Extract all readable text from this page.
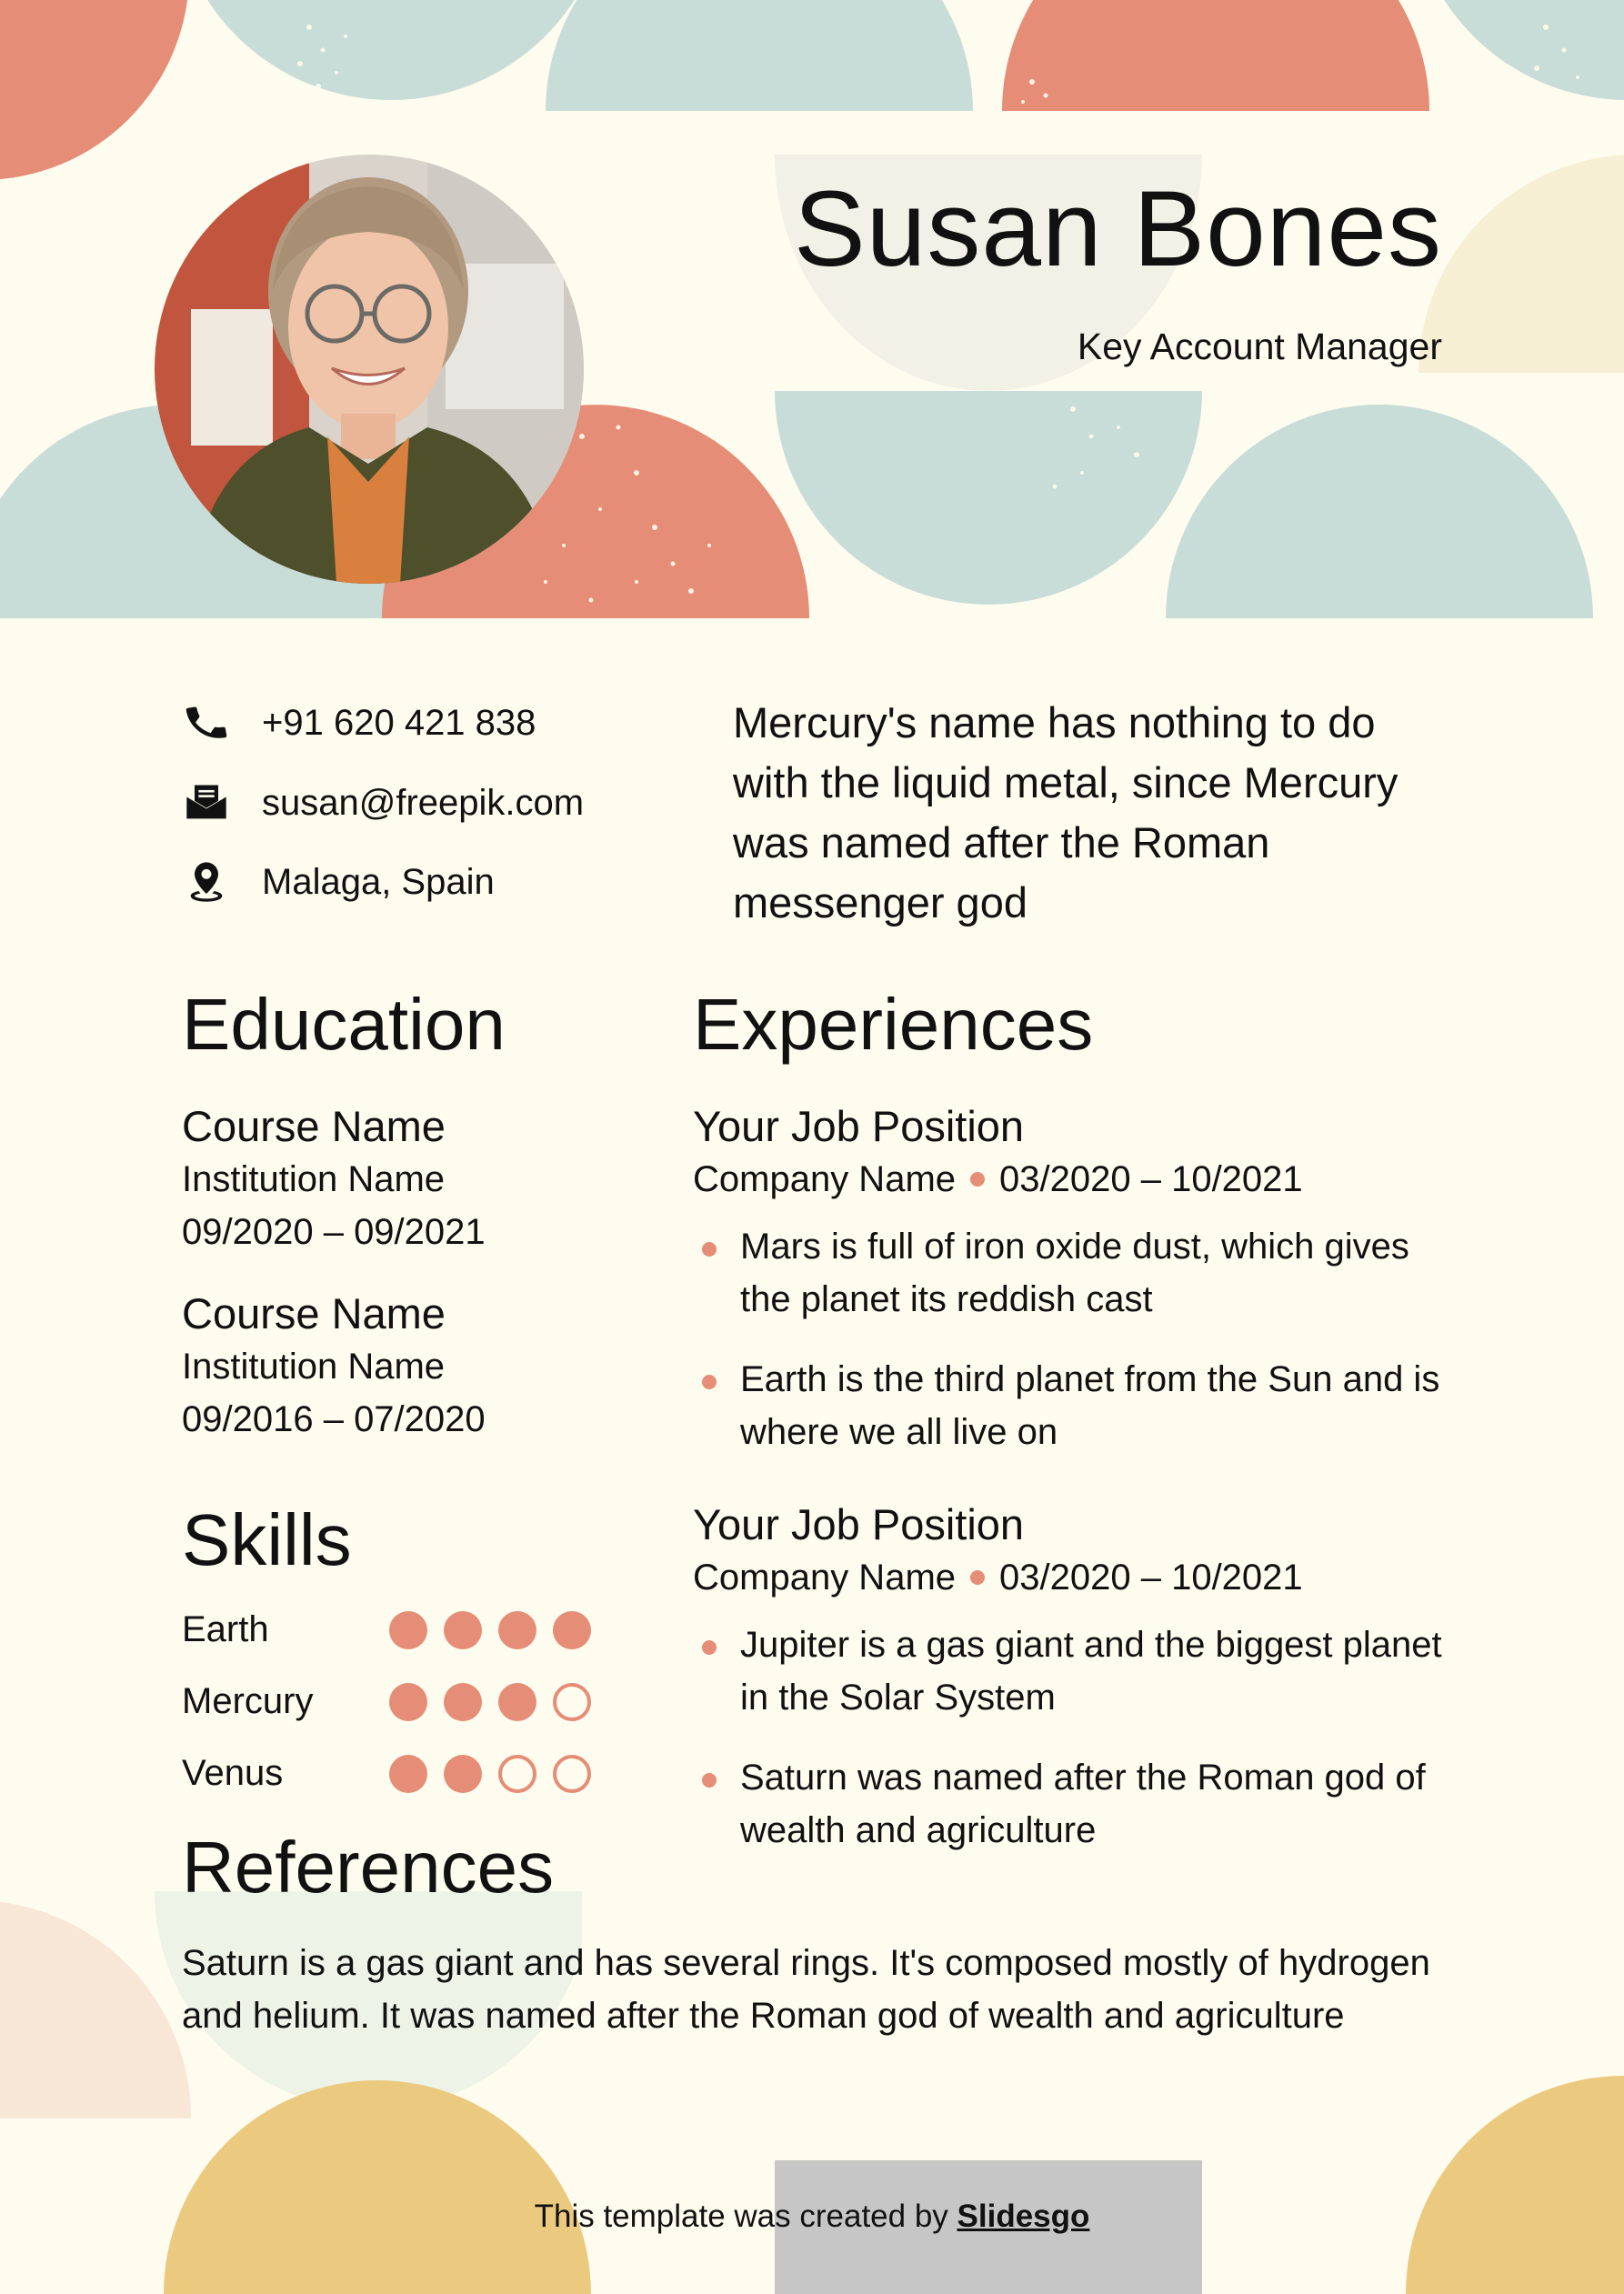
Susan Bones
Key Account Manager
+91 620 421 838
susan@freepik.com
Malaga, Spain
Mercury's name has nothing to do with the liquid metal, since Mercury was named after the Roman messenger god
Education
Course Name
Institution Name
09/2020 – 09/2021
Course Name
Institution Name
09/2016 – 07/2020
Skills
Earth
Mercury
Venus
Experiences
Your Job Position
Company Name 03/2020 – 10/2021
Mars is full of iron oxide dust, which gives the planet its reddish cast
Earth is the third planet from the Sun and is where we all live on
Your Job Position
Company Name 03/2020 – 10/2021
Jupiter is a gas giant and the biggest planet in the Solar System
Saturn was named after the Roman god of wealth and agriculture
References
Saturn is a gas giant and has several rings. It's composed mostly of hydrogen and helium. It was named after the Roman god of wealth and agriculture
This template was created by Slidesgo
